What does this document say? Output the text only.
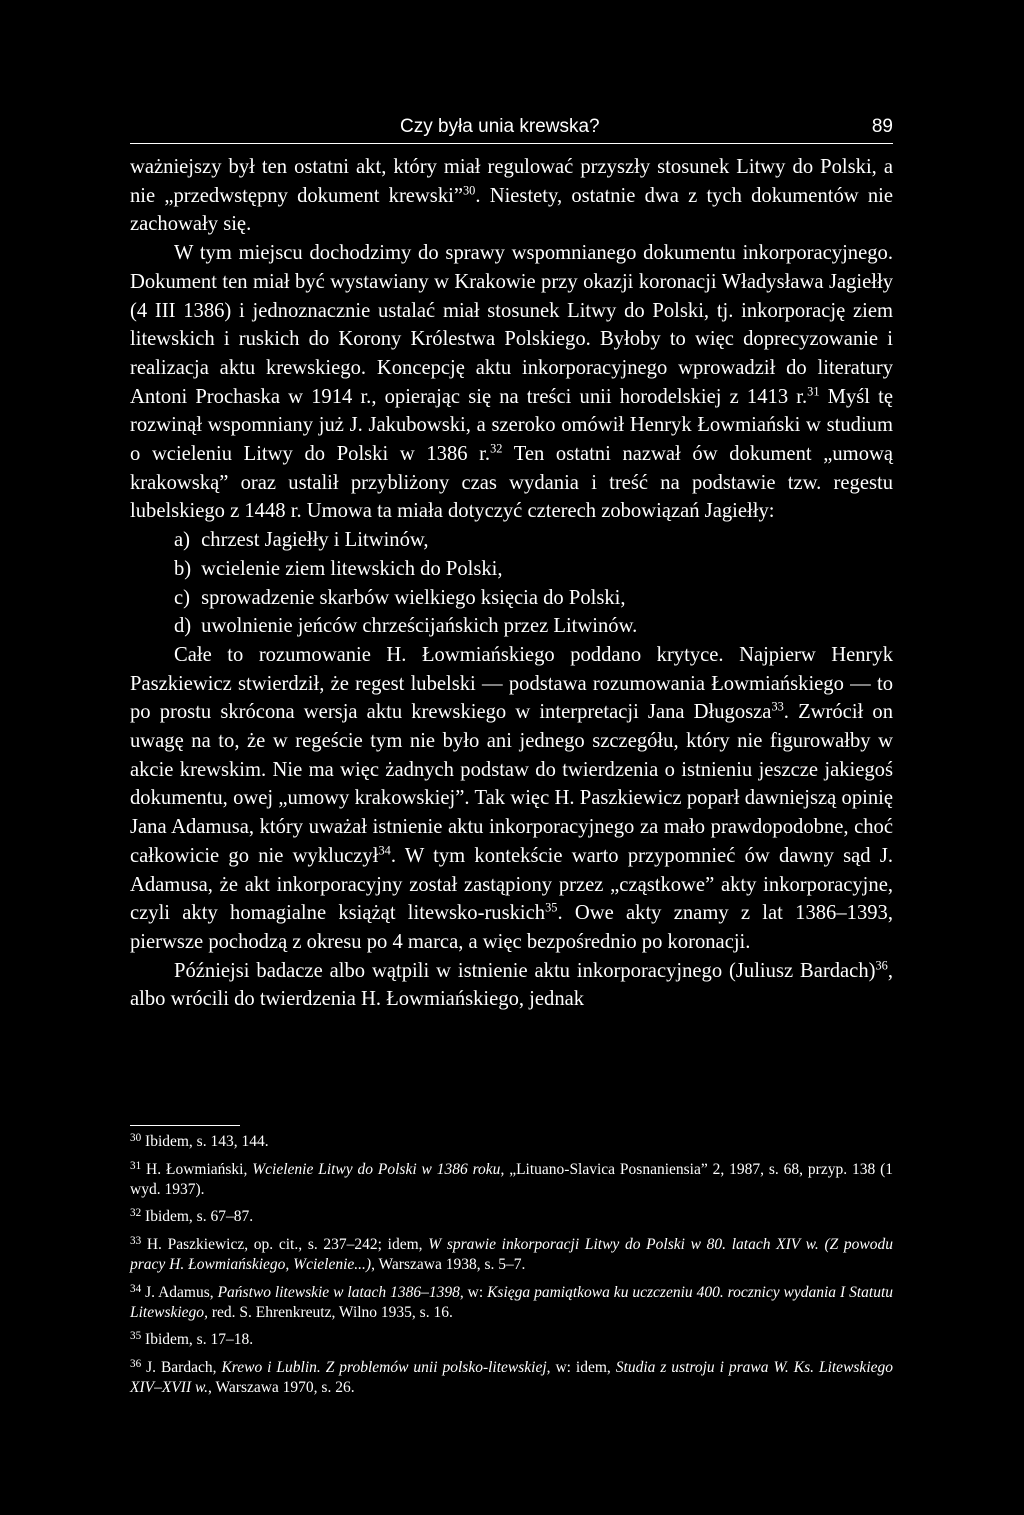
Czy była unia krewska?	89

ważniejszy był ten ostatni akt, który miał regulować przyszły stosunek Litwy do Polski, a nie „przedwstępny dokument krewski”$^{30}$. Niestety, ostatnie dwa z tych dokumentów nie zachowały się.

W tym miejscu dochodzimy do sprawy wspomnianego dokumentu inkorporacyjnego. Dokument ten miał być wystawiany w Krakowie przy okazji koronacji Władysława Jagiełły (4 III 1386) i jednoznacznie ustalać miał stosunek Litwy do Polski, tj. inkorporację ziem litewskich i ruskich do Korony Królestwa Polskiego. Byłoby to więc doprecyzowanie i realizacja aktu krewskiego. Koncepcję aktu inkorporacyjnego wprowadził do literatury Antoni Prochaska w 1914 r., opierając się na treści unii horodelskiej z 1413 r.$^{31}$ Myśl tę rozwinął wspomniany już J. Jakubowski, a szeroko omówił Henryk Łowmiański w studium o wcieleniu Litwy do Polski w 1386 r.$^{32}$ Ten ostatni nazwał ów dokument „umową krakowską” oraz ustalił przybliżony czas wydania i treść na podstawie tzw. regestu lubelskiego z 1448 r. Umowa ta miała dotyczyć czterech zobowiązań Jagiełły:

a) chrzest Jagiełły i Litwinów,
b) wcielenie ziem litewskich do Polski,
c) sprowadzenie skarbów wielkiego księcia do Polski,
d) uwolnienie jeńców chrześcijańskich przez Litwinów.

Całe to rozumowanie H. Łowmiańskiego poddano krytyce. Najpierw Henryk Paszkiewicz stwierdził, że regest lubelski — podstawa rozumowania Łowmiańskiego — to po prostu skrócona wersja aktu krewskiego w interpretacji Jana Długosza$^{33}$. Zwrócił on uwagę na to, że w regeście tym nie było ani jednego szczegółu, który nie figurowałby w akcie krewskim. Nie ma więc żadnych podstaw do twierdzenia o istnieniu jeszcze jakiegoś dokumentu, owej „umowy krakowskiej”. Tak więc H. Paszkiewicz poparł dawniejszą opinię Jana Adamusa, który uważał istnienie aktu inkorporacyjnego za mało prawdopodobne, choć całkowicie go nie wykluczył$^{34}$. W tym kontekście warto przypomnieć ów dawny sąd J. Adamusa, że akt inkorporacyjny został zastąpiony przez „cząstkowe” akty inkorporacyjne, czyli akty homagialne książąt litewsko-ruskich$^{35}$. Owe akty znamy z lat 1386–1393, pierwsze pochodzą z okresu po 4 marca, a więc bezpośrednio po koronacji.

Późniejsi badacze albo wątpili w istnienie aktu inkorporacyjnego (Juliusz Bardach)$^{36}$, albo wrócili do twierdzenia H. Łowmiańskiego, jednak

$^{30}$ Ibidem, s. 143, 144.
$^{31}$ H. Łowmiański, Wcielenie Litwy do Polski w 1386 roku, „Lituano-Slavica Posnaniensia” 2, 1987, s. 68, przyp. 138 (1 wyd. 1937).
$^{32}$ Ibidem, s. 67–87.
$^{33}$ H. Paszkiewicz, op. cit., s. 237–242; idem, W sprawie inkorporacji Litwy do Polski w 80. latach XIV w. (Z powodu pracy H. Łowmiańskiego, Wcielenie...), Warszawa 1938, s. 5–7.
$^{34}$ J. Adamus, Państwo litewskie w latach 1386–1398, w: Księga pamiątkowa ku uczczeniu 400. rocznicy wydania I Statutu Litewskiego, red. S. Ehrenkreutz, Wilno 1935, s. 16.
$^{35}$ Ibidem, s. 17–18.
$^{36}$ J. Bardach, Krewo i Lublin. Z problemów unii polsko-litewskiej, w: idem, Studia z ustroju i prawa W. Ks. Litewskiego XIV–XVII w., Warszawa 1970, s. 26.
